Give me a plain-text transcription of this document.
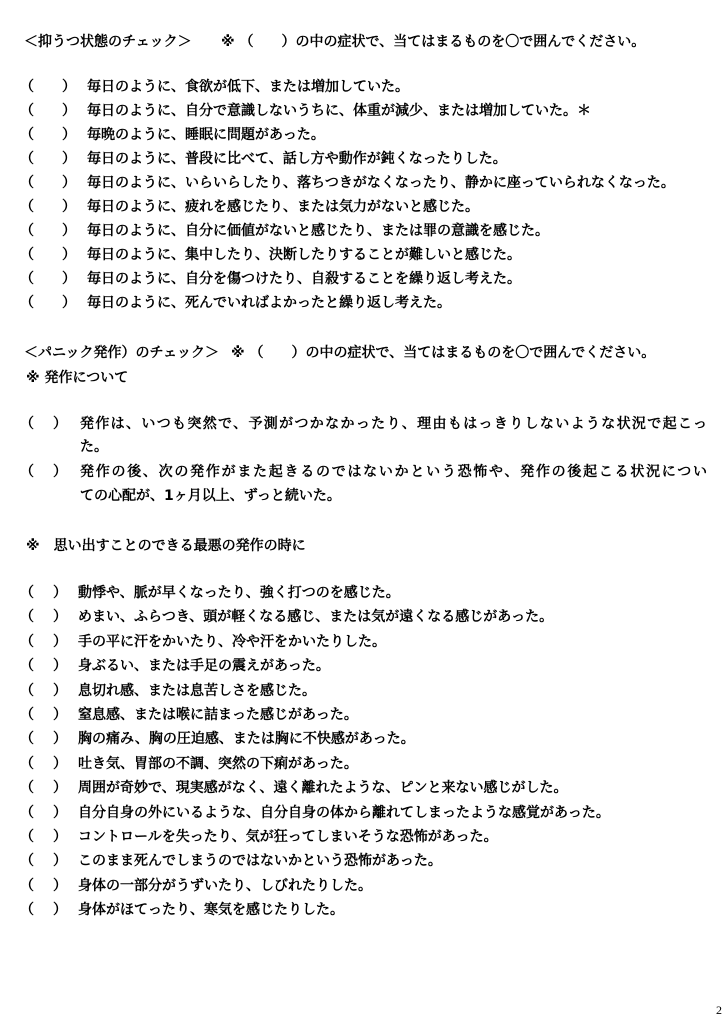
＜抑うつ状態のチェック＞ ※ （　　）の中の症状で、当てはまるものを〇で囲んでください。
（ ） 毎日のように、食欲が低下、または増加していた。
（ ） 毎日のように、自分で意識しないうちに、体重が減少、または増加していた。＊
（ ） 毎晩のように、睡眠に問題があった。
（ ） 毎日のように、普段に比べて、話し方や動作が鈍くなったりした。
（ ） 毎日のように、いらいらしたり、落ちつきがなくなったり、静かに座っていられなくなった。
（ ） 毎日のように、疲れを感じたり、または気力がないと感じた。
（ ） 毎日のように、自分に価値がないと感じたり、または罪の意識を感じた。
（ ） 毎日のように、集中したり、決断したりすることが難しいと感じた。
（ ） 毎日のように、自分を傷つけたり、自殺することを繰り返し考えた。
（ ） 毎日のように、死んでいればよかったと繰り返し考えた。
＜パニック発作）のチェック＞ ※ （　　）の中の症状で、当てはまるものを〇で囲んでください。
※ 発作について
（ ） 発作は、いつも突然で、予測がつかなかったり、理由もはっきりしないような状況で起こっ
た。
（ ） 発作の後、次の発作がまた起きるのではないかという恐怖や、発作の後起こる状況につい
ての心配が、1ヶ月以上、ずっと続いた。
※　思い出すことのできる最悪の発作の時に
（ ） 動悸や、脈が早くなったり、強く打つのを感じた。
（ ） めまい、ふらつき、頭が軽くなる感じ、または気が遠くなる感じがあった。
（ ） 手の平に汗をかいたり、冷や汗をかいたりした。
（ ） 身ぶるい、または手足の震えがあった。
（ ） 息切れ感、または息苦しさを感じた。
（ ） 窒息感、または喉に詰まった感じがあった。
（ ） 胸の痛み、胸の圧迫感、または胸に不快感があった。
（ ） 吐き気、胃部の不調、突然の下痢があった。
（ ） 周囲が奇妙で、現実感がなく、遠く離れたような、ピンと来ない感じがした。
（ ） 自分自身の外にいるような、自分自身の体から離れてしまったような感覚があった。
（ ） コントロールを失ったり、気が狂ってしまいそうな恐怖があった。
（ ） このまま死んでしまうのではないかという恐怖があった。
（ ） 身体の一部分がうずいたり、しびれたりした。
（ ） 身体がほてったり、寒気を感じたりした。
2
